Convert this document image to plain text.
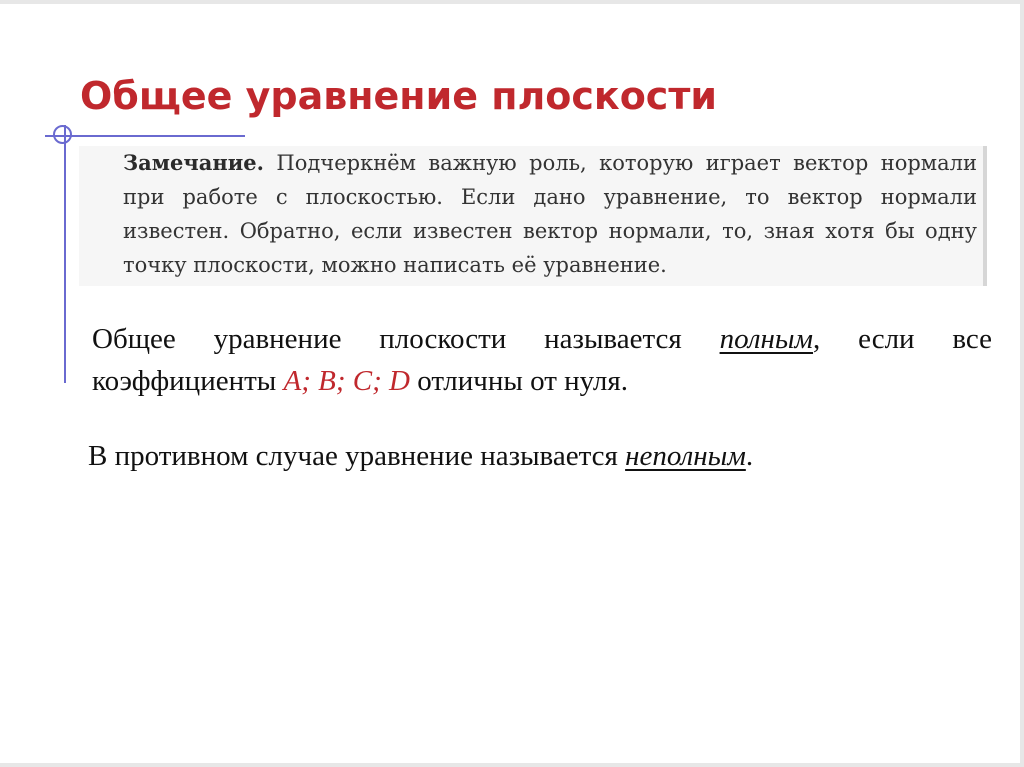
Общее уравнение плоскости
Замечание. Подчеркнём важную роль, которую играет вектор нормали при работе с плоскостью. Если дано уравнение, то вектор нормали известен. Обратно, если известен вектор нормали, то, зная хотя бы одну точку плоскости, можно написать её уравнение.

Общее уравнение плоскости называется полным, если все коэффициенты A; B; C; D отличны от нуля.

В противном случае уравнение называется неполным.
